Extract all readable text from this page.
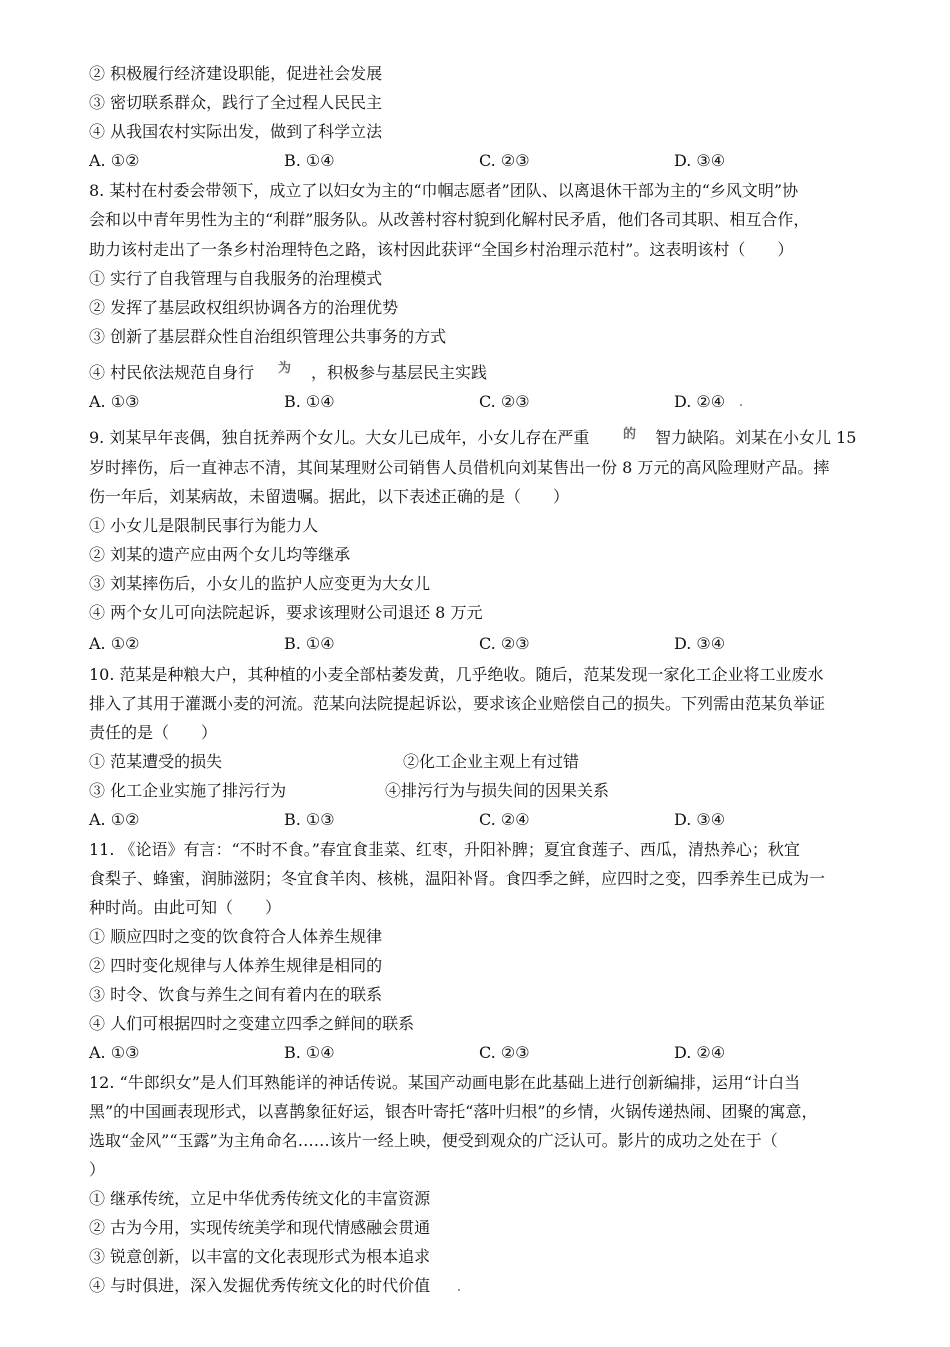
② 积极履行经济建设职能，促进社会发展
③ 密切联系群众，践行了全过程人民民主
④ 从我国农村实际出发，做到了科学立法
A. ①②	B. ①④	C. ②③	D. ③④
8. 某村在村委会带领下，成立了以妇女为主的“巾帼志愿者”团队、以离退休干部为主的“乡风文明”协
会和以中青年男性为主的“利群”服务队。从改善村容村貌到化解村民矛盾，他们各司其职、相互合作，
助力该村走出了一条乡村治理特色之路，该村因此获评“全国乡村治理示范村”。这表明该村（　　）
① 实行了自我管理与自我服务的治理模式
② 发挥了基层政权组织协调各方的治理优势
③ 创新了基层群众性自治组织管理公共事务的方式
④ 村民依法规范自身行 为 ，积极参与基层民主实践
A. ①③	B. ①④	C. ②③	D. ②④
9. 刘某早年丧偶，独自抚养两个女儿。大女儿已成年，小女儿存在严重	的 智力缺陷。刘某在小女儿 15
岁时摔伤，后一直神志不清，其间某理财公司销售人员借机向刘某售出一份 8 万元的高风险理财产品。摔
伤一年后，刘某病故，未留遗嘱。据此，以下表述正确的是（　　）
① 小女儿是限制民事行为能力人
② 刘某的遗产应由两个女儿均等继承
③ 刘某摔伤后，小女儿的监护人应变更为大女儿
④ 两个女儿可向法院起诉，要求该理财公司退还 8 万元
A. ①②	B. ①④	C. ②③	D. ③④
10. 范某是种粮大户，其种植的小麦全部枯萎发黄，几乎绝收。随后，范某发现一家化工企业将工业废水
排入了其用于灌溉小麦的河流。范某向法院提起诉讼，要求该企业赔偿自己的损失。下列需由范某负举证
责任的是（　　）
① 范某遭受的损失	②化工企业主观上有过错
③ 化工企业实施了排污行为	④排污行为与损失间的因果关系
A. ①②	B. ①③	C. ②④	D. ③④
11. 《论语》有言：“不时不食。”春宜食韭菜、红枣，升阳补脾；夏宜食莲子、西瓜，清热养心；秋宜
食梨子、蜂蜜，润肺滋阴；冬宜食羊肉、核桃，温阳补肾。食四季之鲜，应四时之变，四季养生已成为一
种时尚。由此可知（　　）
① 顺应四时之变的饮食符合人体养生规律
② 四时变化规律与人体养生规律是相同的
③ 时令、饮食与养生之间有着内在的联系
④ 人们可根据四时之变建立四季之鲜间的联系
A. ①③	B. ①④	C. ②③	D. ②④
12. “牛郎织女”是人们耳熟能详的神话传说。某国产动画电影在此基础上进行创新编排，运用“计白当
黑”的中国画表现形式，以喜鹊象征好运，银杏叶寄托“落叶归根”的乡情，火锅传递热闹、团聚的寓意，
选取“金风”“玉露”为主角命名……该片一经上映，便受到观众的广泛认可。影片的成功之处在于（
）
① 继承传统，立足中华优秀传统文化的丰富资源
② 古为今用，实现传统美学和现代情感融会贯通
③ 锐意创新，以丰富的文化表现形式为根本追求
④ 与时俱进，深入发掘优秀传统文化的时代价值
